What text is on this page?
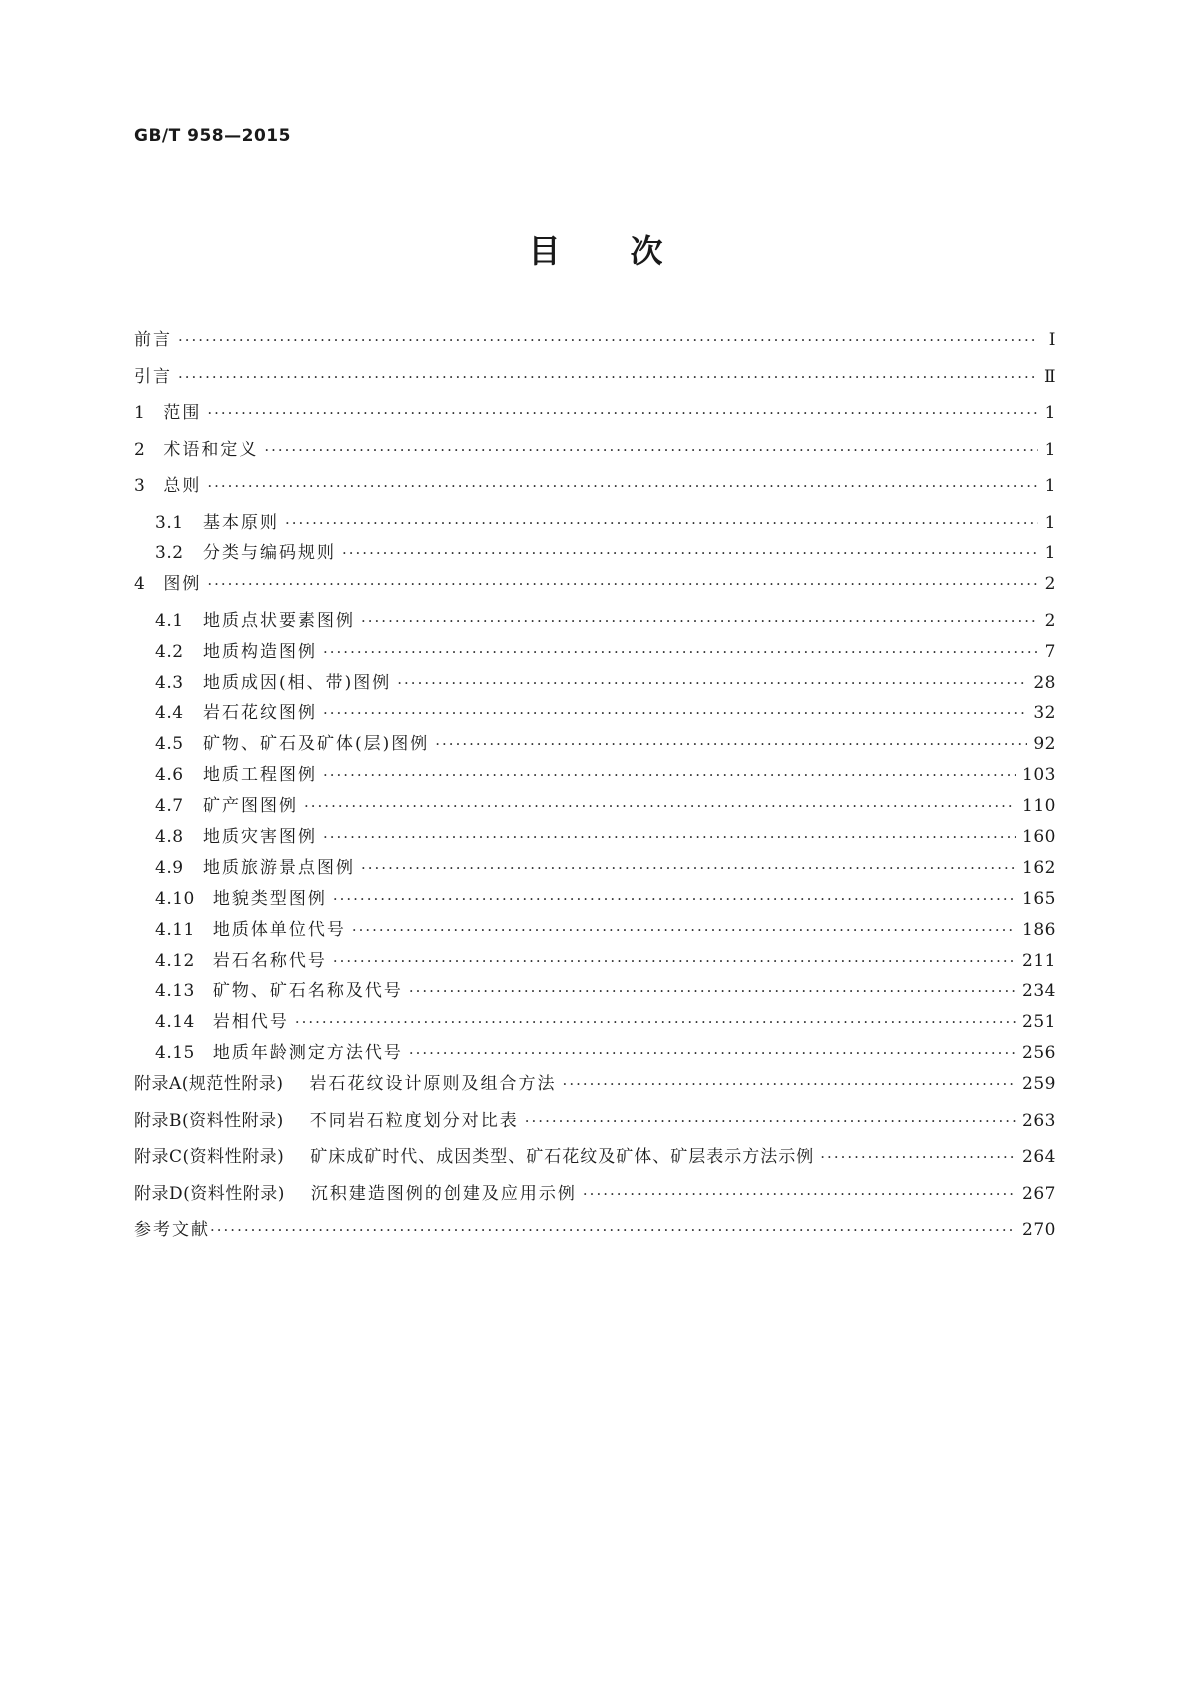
GB/T 958—2015
目 次
前言 ·····	Ⅰ
引言 ·····	Ⅱ
1 范围 ·····	1
2 术语和定义 ·····	1
3 总则 ·····	1
3.1 基本原则 ·····	1
3.2 分类与编码规则 ·····	1
4 图例 ·····	2
4.1 地质点状要素图例 ·····	2
4.2 地质构造图例 ·····	7
4.3 地质成因(相、带)图例 ·····	28
4.4 岩石花纹图例 ·····	32
4.5 矿物、矿石及矿体(层)图例 ·····	92
4.6 地质工程图例 ·····	103
4.7 矿产图图例 ·····	110
4.8 地质灾害图例 ·····	160
4.9 地质旅游景点图例 ·····	162
4.10 地貌类型图例 ·····	165
4.11 地质体单位代号 ·····	186
4.12 岩石名称代号 ·····	211
4.13 矿物、矿石名称及代号 ·····	234
4.14 岩相代号 ·····	251
4.15 地质年龄测定方法代号 ·····	256
附录A(规范性附录) 岩石花纹设计原则及组合方法 ·····	259
附录B(资料性附录) 不同岩石粒度划分对比表 ·····	263
附录C(资料性附录) 矿床成矿时代、成因类型、矿石花纹及矿体、矿层表示方法示例 ·····	264
附录D(资料性附录) 沉积建造图例的创建及应用示例 ·····	267
参考文献 ·····	270
